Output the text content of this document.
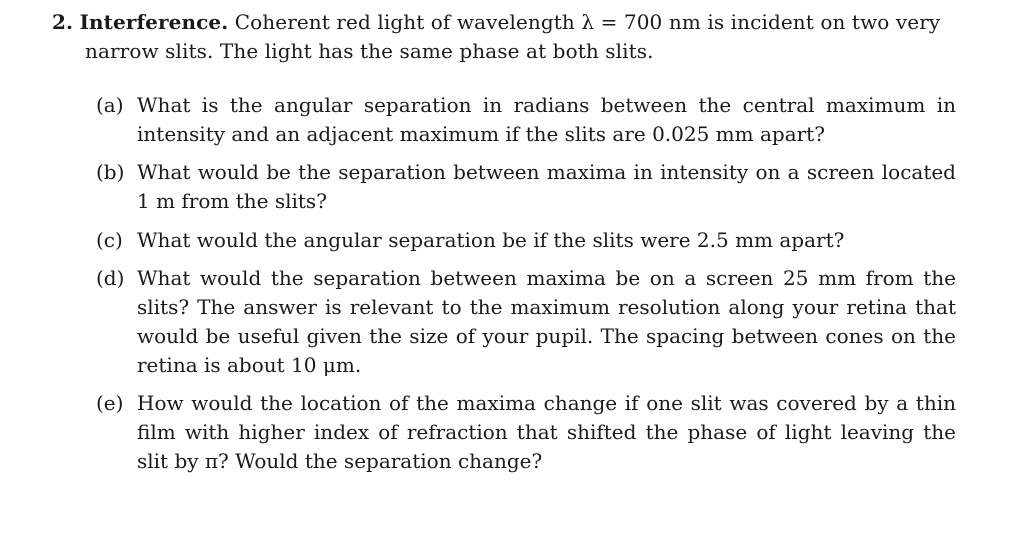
2. Interference. Coherent red light of wavelength λ = 700 nm is incident on two very
narrow slits. The light has the same phase at both slits.
(a) What is the angular separation in radians between the central maximum in intensity and an adjacent maximum if the slits are 0.025 mm apart?
(b) What would be the separation between maxima in intensity on a screen located 1 m from the slits?
(c) What would the angular separation be if the slits were 2.5 mm apart?
(d) What would the separation between maxima be on a screen 25 mm from the slits? The answer is relevant to the maximum resolution along your retina that would be useful given the size of your pupil. The spacing between cones on the retina is about 10 μm.
(e) How would the location of the maxima change if one slit was covered by a thin film with higher index of refraction that shifted the phase of light leaving the slit by π? Would the separation change?
